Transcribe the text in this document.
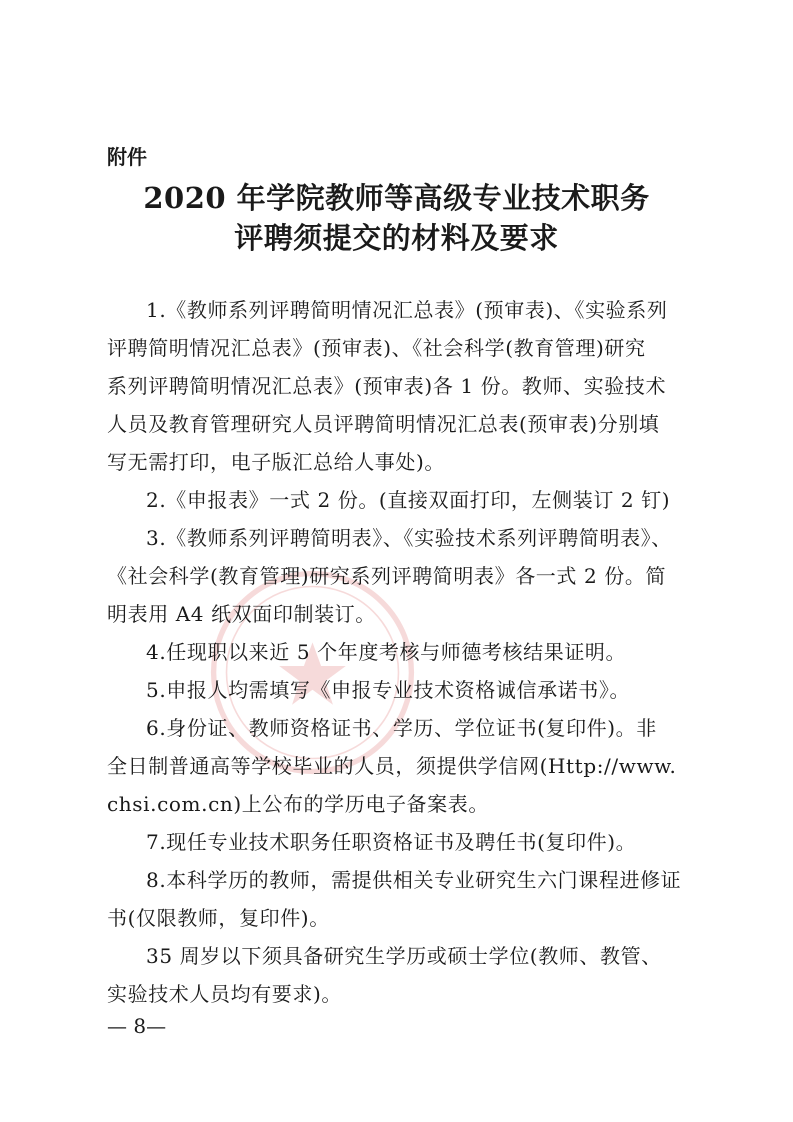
附件
2020 年学院教师等高级专业技术职务
评聘须提交的材料及要求
1.《教师系列评聘简明情况汇总表》(预审表)、《实验系列
评聘简明情况汇总表》(预审表)、《社会科学(教育管理)研究
系列评聘简明情况汇总表》(预审表)各 1 份。教师、实验技术
人员及教育管理研究人员评聘简明情况汇总表(预审表)分别填
写无需打印，电子版汇总给人事处)。
2.《申报表》一式 2 份。(直接双面打印，左侧装订 2 钉)
3.《教师系列评聘简明表》、《实验技术系列评聘简明表》、
《社会科学(教育管理)研究系列评聘简明表》各一式 2 份。简
明表用 A4 纸双面印制装订。
4.任现职以来近 5 个年度考核与师德考核结果证明。
5.申报人均需填写《申报专业技术资格诚信承诺书》。
6.身份证、教师资格证书、学历、学位证书(复印件)。非
全日制普通高等学校毕业的人员，须提供学信网(Http://www.
chsi.com.cn)上公布的学历电子备案表。
7.现任专业技术职务任职资格证书及聘任书(复印件)。
8.本科学历的教师，需提供相关专业研究生六门课程进修证
书(仅限教师，复印件)。
35 周岁以下须具备研究生学历或硕士学位(教师、教管、
实验技术人员均有要求)。
— 8—
